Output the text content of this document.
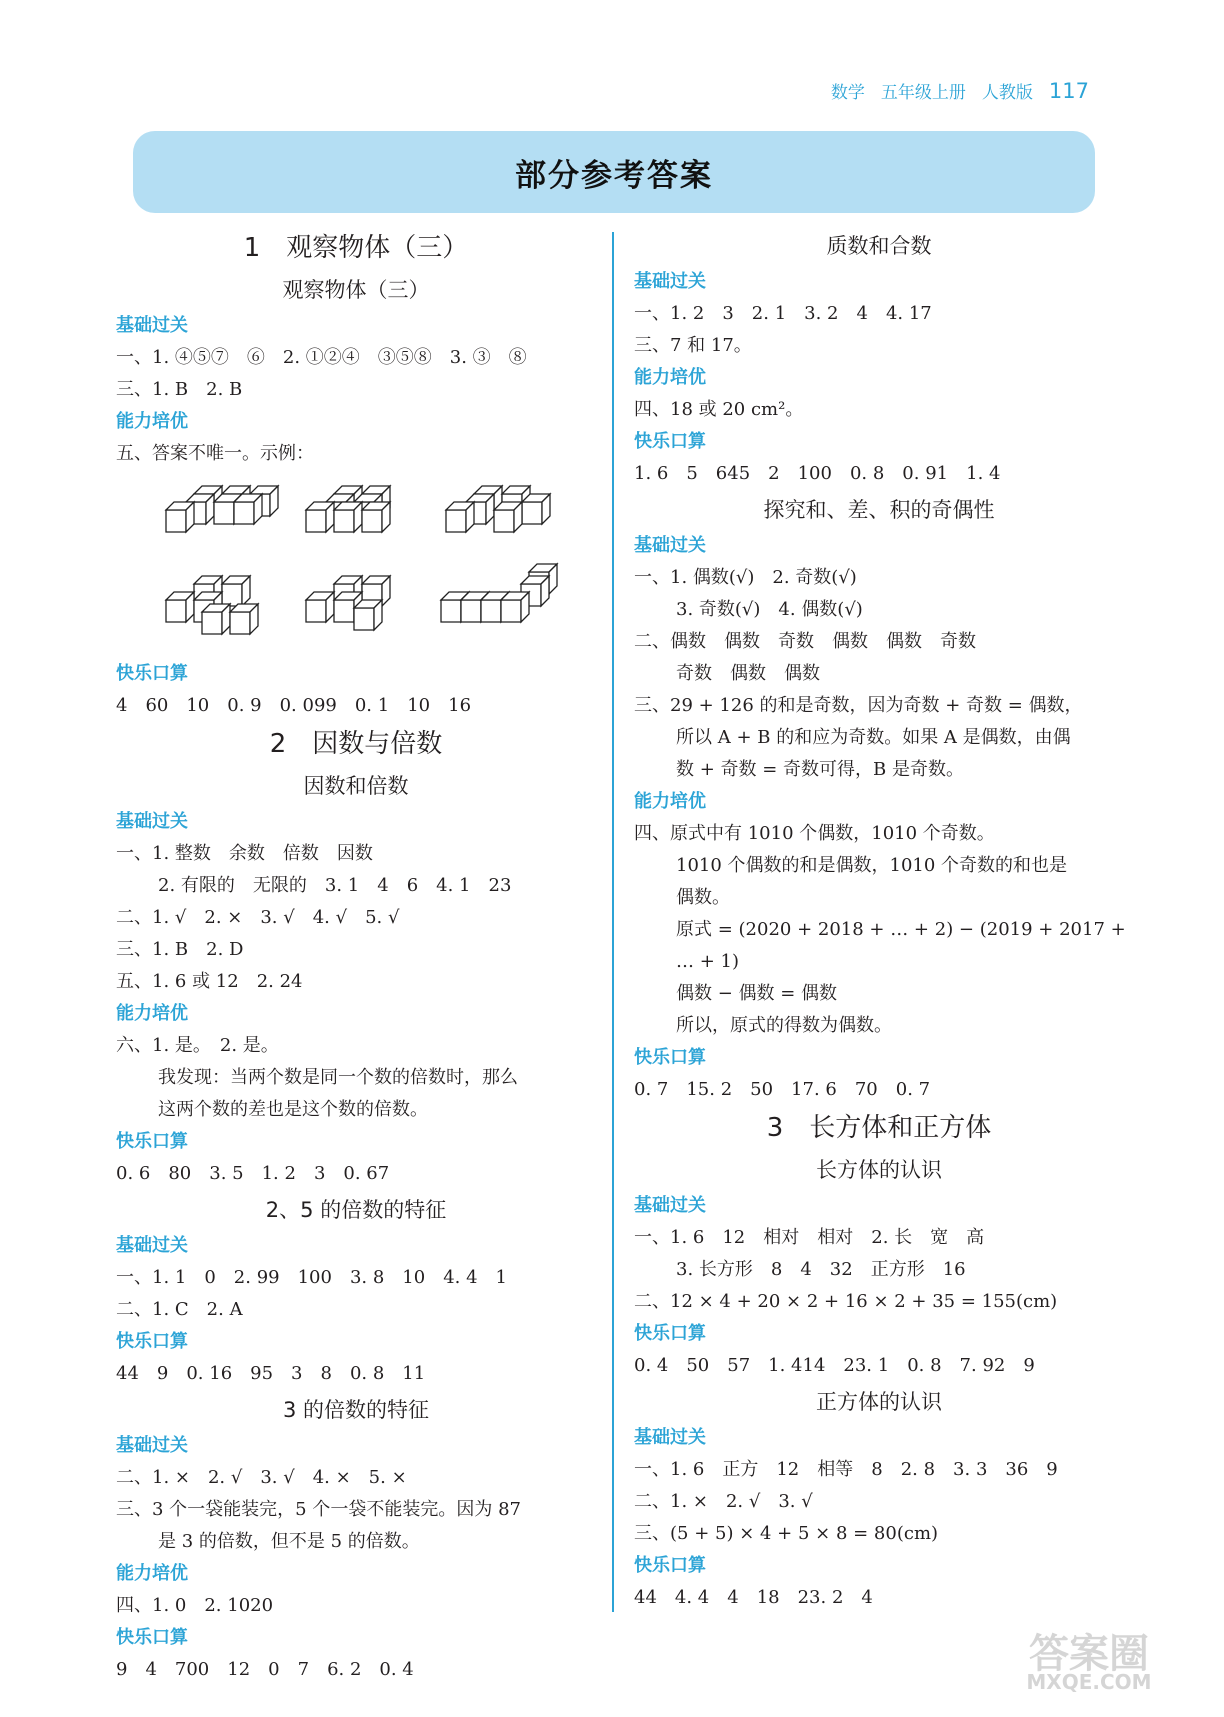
数学 五年级上册 人教版 117
部分参考答案
1　观察物体（三）
观察物体（三）
基础过关
一、1. ④⑤⑦　⑥　2. ①②④　③⑤⑧　3. ③　⑧
三、1. B　2. B
能力培优
五、答案不唯一。示例：
快乐口算
4　60　10　0. 9　0. 099　0. 1　10　16
2　因数与倍数
因数和倍数
基础过关
一、1. 整数　余数　倍数　因数
2. 有限的　无限的　3. 1　4　6　4. 1　23
二、1. √　2. ×　3. √　4. √　5. √
三、1. B　2. D
五、1. 6 或 12　2. 24
能力培优
六、1. 是。　2. 是。
我发现：当两个数是同一个数的倍数时，那么
这两个数的差也是这个数的倍数。
快乐口算
0. 6　80　3. 5　1. 2　3　0. 67
2、5 的倍数的特征
基础过关
一、1. 1　0　2. 99　100　3. 8　10　4. 4　1
二、1. C　2. A
快乐口算
44　9　0. 16　95　3　8　0. 8　11
3 的倍数的特征
基础过关
二、1. ×　2. √　3. √　4. ×　5. ×
三、3 个一袋能装完，5 个一袋不能装完。因为 87
是 3 的倍数，但不是 5 的倍数。
能力培优
四、1. 0　2. 1020
快乐口算
9　4　700　12　0　7　6. 2　0. 4
质数和合数
基础过关
一、1. 2　3　2. 1　3. 2　4　4. 17
三、7 和 17。
能力培优
四、18 或 20 cm²。
快乐口算
1. 6　5　645　2　100　0. 8　0. 91　1. 4
探究和、差、积的奇偶性
基础过关
一、1. 偶数(√)　2. 奇数(√)
3. 奇数(√)　4. 偶数(√)
二、偶数　偶数　奇数　偶数　偶数　奇数
奇数　偶数　偶数
三、29 + 126 的和是奇数，因为奇数 + 奇数 = 偶数，
所以 A + B 的和应为奇数。如果 A 是偶数，由偶
数 + 奇数 = 奇数可得，B 是奇数。
能力培优
四、原式中有 1010 个偶数，1010 个奇数。
1010 个偶数的和是偶数，1010 个奇数的和也是
偶数。
原式 = (2020 + 2018 + … + 2) − (2019 + 2017 +
… + 1)
偶数 − 偶数 = 偶数
所以，原式的得数为偶数。
快乐口算
0. 7　15. 2　50　17. 6　70　0. 7
3　长方体和正方体
长方体的认识
基础过关
一、1. 6　12　相对　相对　2. 长　宽　高
3. 长方形　8　4　32　正方形　16
二、12 × 4 + 20 × 2 + 16 × 2 + 35 = 155(cm)
快乐口算
0. 4　50　57　1. 414　23. 1　0. 8　7. 92　9
正方体的认识
基础过关
一、1. 6　正方　12　相等　8　2. 8　3. 3　36　9
二、1. ×　2. √　3. √
三、(5 + 5) × 4 + 5 × 8 = 80(cm)
快乐口算
44　4. 4　4　18　23. 2　4
答案圈
MXQE.COM
